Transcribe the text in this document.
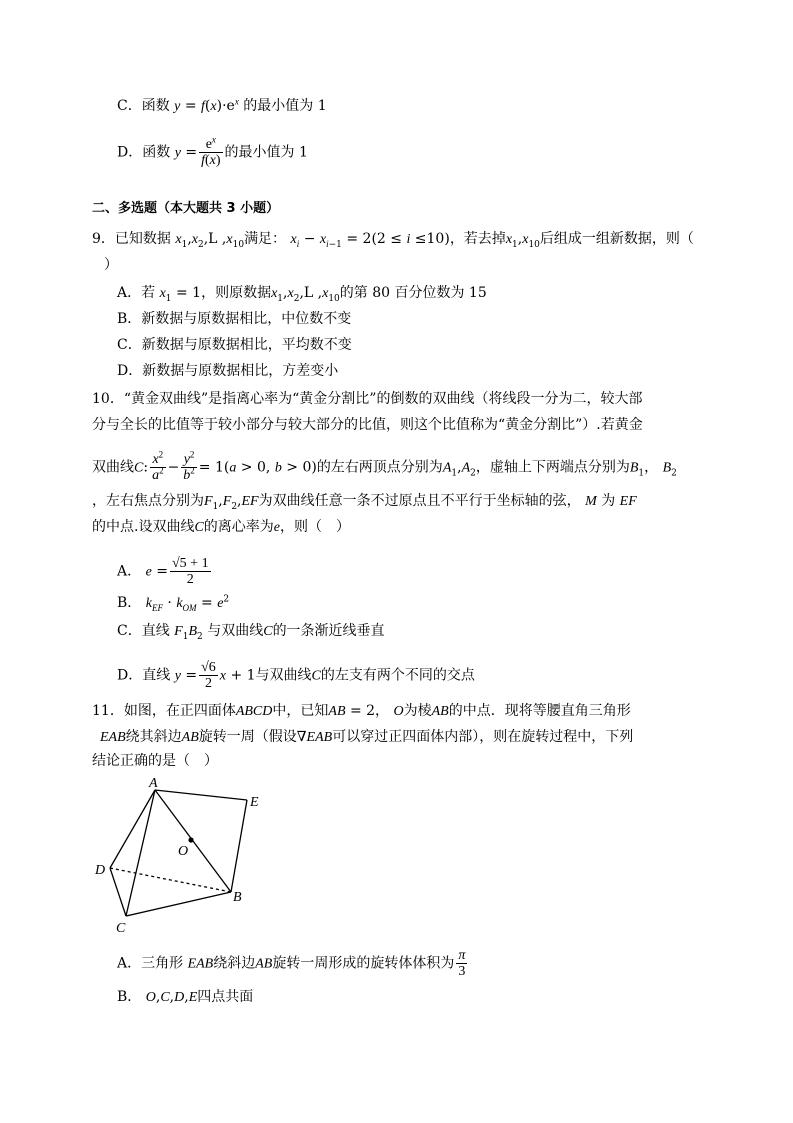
C．函数 $y = f(x)\cdot e^x$ 的最小值为 1
D．函数 $y = \frac{e^x}{f(x)}$ 的最小值为 1
二、多选题（本大题共 3 小题）
9．已知数据 $x_1,x_2,L$ $,x_{10}$满足： $x_i - x_{i-1} = 2(2 \le i \le 10)$，若去掉$x_1,x_{10}$后组成一组新数据，则（
）
A．若 $x_1 = 1$，则原数据$x_1,x_2,L$ $,x_{10}$的第 80 百分位数为 15
B．新数据与原数据相比，中位数不变
C．新数据与原数据相比，平均数不变
D．新数据与原数据相比，方差变小
10．“黄金双曲线”是指离心率为“黄金分割比”的倒数的双曲线（将线段一分为二，较大部
分与全长的比值等于较小部分与较大部分的比值，则这个比值称为“黄金分割比”）.若黄金
双曲线C: $\frac{x^2}{a^2} - \frac{y^2}{b^2} = 1(a > 0$, b > 0)的左右两顶点分别为$A_1,A_2$，虚轴上下两端点分别为$B_1$， $B_2$
，左右焦点分别为$F_1,F_2,EF$为双曲线任意一条不过原点且不平行于坐标轴的弦， M 为 EF
的中点.设双曲线C的离心率为e，则（　）
A． $e = \frac{√5 + 1}{2}$
B． $k_{EF} \cdot k_{OM} = e^2$
C．直线 $F_1B_2$ 与双曲线C的一条渐近线垂直
D．直线 $y = \frac{√6}{2}$ x + 1与双曲线C的左支有两个不同的交点
11．如图，在正四面体ABCD中，已知AB = 2， O为棱AB的中点．现将等腰直角三角形
EAB绕其斜边AB旋转一周（假设∇EAB可以穿过正四面体内部），则在旋转过程中，下列
结论正确的是（　）
A
B
C
D
E
O
A．三角形 EAB绕斜边AB旋转一周形成的旋转体体积为 $\frac{\pi}{3}$
B． O,C,D,E四点共面
